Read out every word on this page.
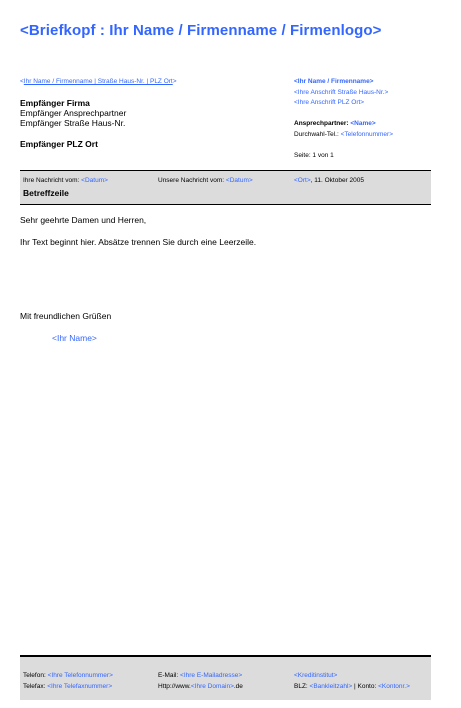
<Briefkopf : Ihr Name / Firmenname / Firmenlogo>
<Ihr Name / Firmenname | Straße Haus-Nr. | PLZ Ort>
Empfänger Firma
Empfänger Ansprechpartner
Empfänger Straße Haus-Nr.
Empfänger PLZ Ort
<Ihr Name / Firmenname>
<Ihre Anschrift Straße Haus-Nr.>
<Ihre Anschrift PLZ Ort>
Ansprechpartner: <Name>
Durchwahl-Tel.: <Telefonnummer>
Seite: 1 von 1
Ihre Nachricht vom: <Datum>	Unsere Nachricht vom: <Datum>	<Ort>, 11. Oktober 2005
Betreffzeile
Sehr geehrte Damen und Herren,
Ihr Text beginnt hier. Absätze trennen Sie durch eine Leerzeile.
Mit freundlichen Grüßen
<Ihr Name>
Telefon: <Ihre Telefonnummer>
Telefax: <Ihre Telefaxnummer>
E-Mail: <Ihre E-Mailadresse>
Http://www.<Ihre Domain>.de
<Kreditinstitut>
BLZ: <Bankleitzahl> | Konto: <Kontonr.>
